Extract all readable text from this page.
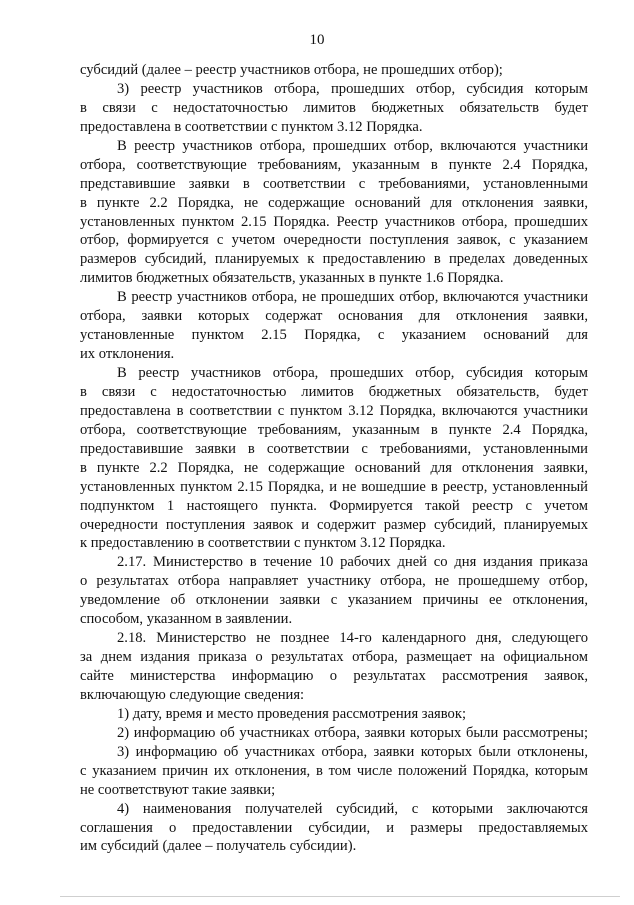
10
субсидий (далее – реестр участников отбора, не прошедших отбор);
3) реестр участников отбора, прошедших отбор, субсидия которым
в связи с недостаточностью лимитов бюджетных обязательств будет
предоставлена в соответствии с пунктом 3.12 Порядка.
В реестр участников отбора, прошедших отбор, включаются участники
отбора, соответствующие требованиям, указанным в пункте 2.4 Порядка,
представившие заявки в соответствии с требованиями, установленными
в пункте 2.2 Порядка, не содержащие оснований для отклонения заявки,
установленных пунктом 2.15 Порядка. Реестр участников отбора, прошедших
отбор, формируется с учетом очередности поступления заявок, с указанием
размеров субсидий, планируемых к предоставлению в пределах доведенных
лимитов бюджетных обязательств, указанных в пункте 1.6 Порядка.
В реестр участников отбора, не прошедших отбор, включаются участники
отбора, заявки которых содержат основания для отклонения заявки,
установленные пунктом 2.15 Порядка, с указанием оснований для
их отклонения.
В реестр участников отбора, прошедших отбор, субсидия которым
в связи с недостаточностью лимитов бюджетных обязательств, будет
предоставлена в соответствии с пунктом 3.12 Порядка, включаются участники
отбора, соответствующие требованиям, указанным в пункте 2.4 Порядка,
предоставившие заявки в соответствии с требованиями, установленными
в пункте 2.2 Порядка, не содержащие оснований для отклонения заявки,
установленных пунктом 2.15 Порядка, и не вошедшие в реестр, установленный
подпунктом 1 настоящего пункта. Формируется такой реестр с учетом
очередности поступления заявок и содержит размер субсидий, планируемых
к предоставлению в соответствии с пунктом 3.12 Порядка.
2.17. Министерство в течение 10 рабочих дней со дня издания приказа
о результатах отбора направляет участнику отбора, не прошедшему отбор,
уведомление об отклонении заявки с указанием причины ее отклонения,
способом, указанном в заявлении.
2.18. Министерство не позднее 14-го календарного дня, следующего
за днем издания приказа о результатах отбора, размещает на официальном
сайте министерства информацию о результатах рассмотрения заявок,
включающую следующие сведения:
1) дату, время и место проведения рассмотрения заявок;
2) информацию об участниках отбора, заявки которых были рассмотрены;
3) информацию об участниках отбора, заявки которых были отклонены,
с указанием причин их отклонения, в том числе положений Порядка, которым
не соответствуют такие заявки;
4) наименования получателей субсидий, с которыми заключаются
соглашения о предоставлении субсидии, и размеры предоставляемых
им субсидий (далее – получатель субсидии).
